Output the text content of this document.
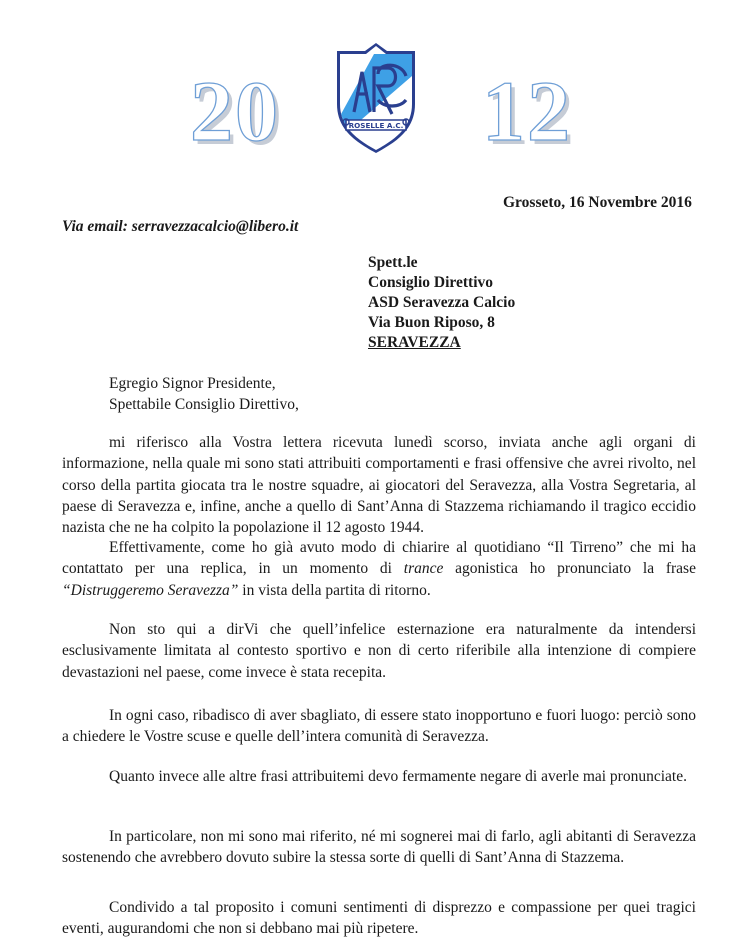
20	ROSELLE A.C. 12
Grosseto, 16 Novembre 2016
Via email: serravezzacalcio@libero.it
Spett.le
Consiglio Direttivo
ASD Seravezza Calcio
Via Buon Riposo, 8
SERAVEZZA
Egregio Signor Presidente,
Spettabile Consiglio Direttivo,

mi riferisco alla Vostra lettera ricevuta lunedì scorso, inviata anche agli organi di informazione, nella quale mi sono stati attribuiti comportamenti e frasi offensive che avrei rivolto, nel corso della partita giocata tra le nostre squadre, ai giocatori del Seravezza, alla Vostra Segretaria, al paese di Seravezza e, infine, anche a quello di Sant’Anna di Stazzema richiamando il tragico eccidio nazista che ne ha colpito la popolazione il 12 agosto 1944.

Effettivamente, come ho già avuto modo di chiarire al quotidiano “Il Tirreno” che mi ha contattato per una replica, in un momento di trance agonistica ho pronunciato la frase “Distruggeremo Seravezza” in vista della partita di ritorno.

Non sto qui a dirVi che quell’infelice esternazione era naturalmente da intendersi esclusivamente limitata al contesto sportivo e non di certo riferibile alla intenzione di compiere devastazioni nel paese, come invece è stata recepita.

In ogni caso, ribadisco di aver sbagliato, di essere stato inopportuno e fuori luogo: perciò sono a chiedere le Vostre scuse e quelle dell’intera comunità di Seravezza.

Quanto invece alle altre frasi attribuitemi devo fermamente negare di averle mai pronunciate.

In particolare, non mi sono mai riferito, né mi sognerei mai di farlo, agli abitanti di Seravezza sostenendo che avrebbero dovuto subire la stessa sorte di quelli di Sant’Anna di Stazzema.

Condivido a tal proposito i comuni sentimenti di disprezzo e compassione per quei tragici eventi, augurandomi che non si debbano mai più ripetere.
